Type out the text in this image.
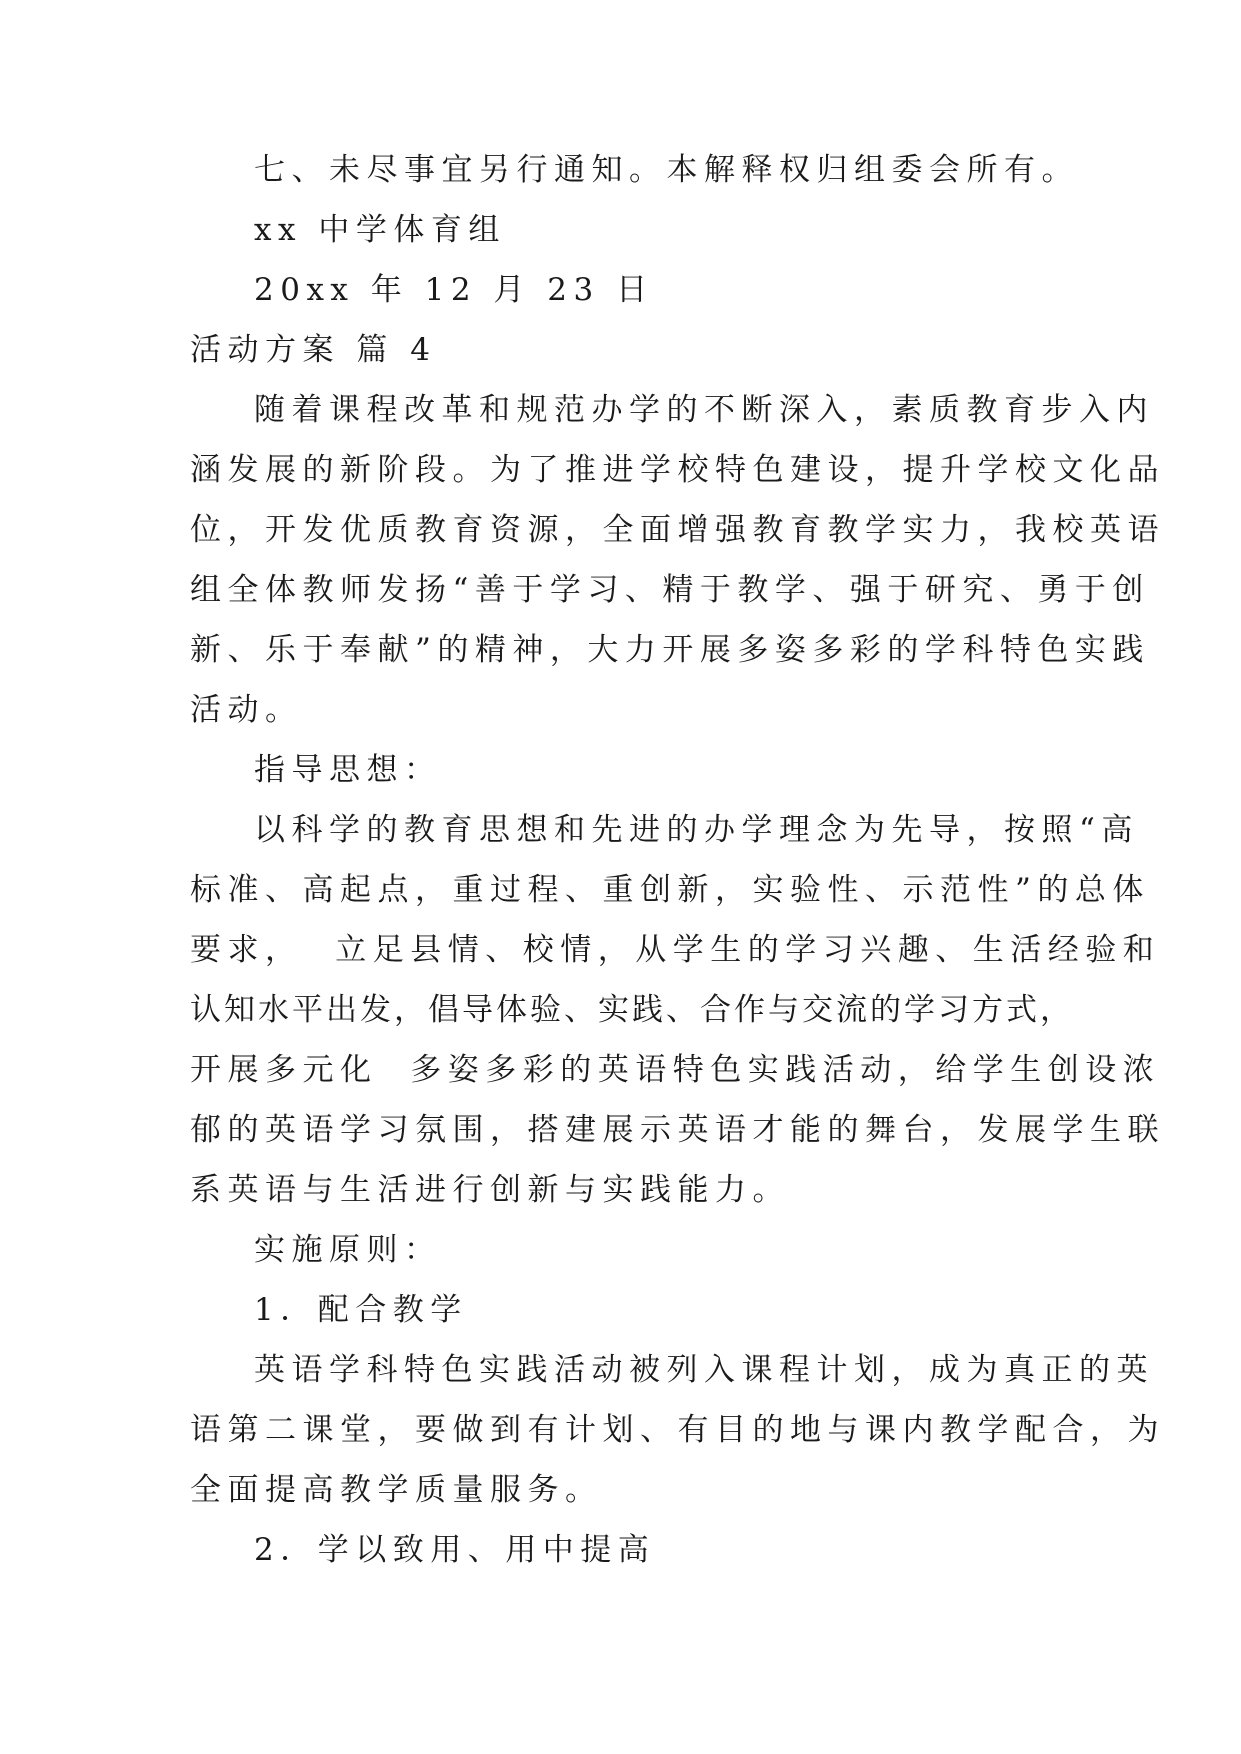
七、未尽事宜另行通知。本解释权归组委会所有。
xx 中学体育组
20xx 年 12 月 23 日
活动方案 篇 4
随着课程改革和规范办学的不断深入，素质教育步入内
涵发展的新阶段。为了推进学校特色建设，提升学校文化品
位，开发优质教育资源，全面增强教育教学实力，我校英语
组全体教师发扬“善于学习、精于教学、强于研究、勇于创
新、乐于奉献”的精神，大力开展多姿多彩的学科特色实践
活动。
指导思想：
以科学的教育思想和先进的办学理念为先导，按照“高
标准、高起点，重过程、重创新，实验性、示范性”的总体
要求，  立足县情、校情，从学生的学习兴趣、生活经验和
认知水平出发，倡导体验、实践、合作与交流的学习方式，
开展多元化  多姿多彩的英语特色实践活动，给学生创设浓
郁的英语学习氛围，搭建展示英语才能的舞台，发展学生联
系英语与生活进行创新与实践能力。
实施原则：
1．配合教学
英语学科特色实践活动被列入课程计划，成为真正的英
语第二课堂，要做到有计划、有目的地与课内教学配合，为
全面提高教学质量服务。
2．学以致用、用中提高
